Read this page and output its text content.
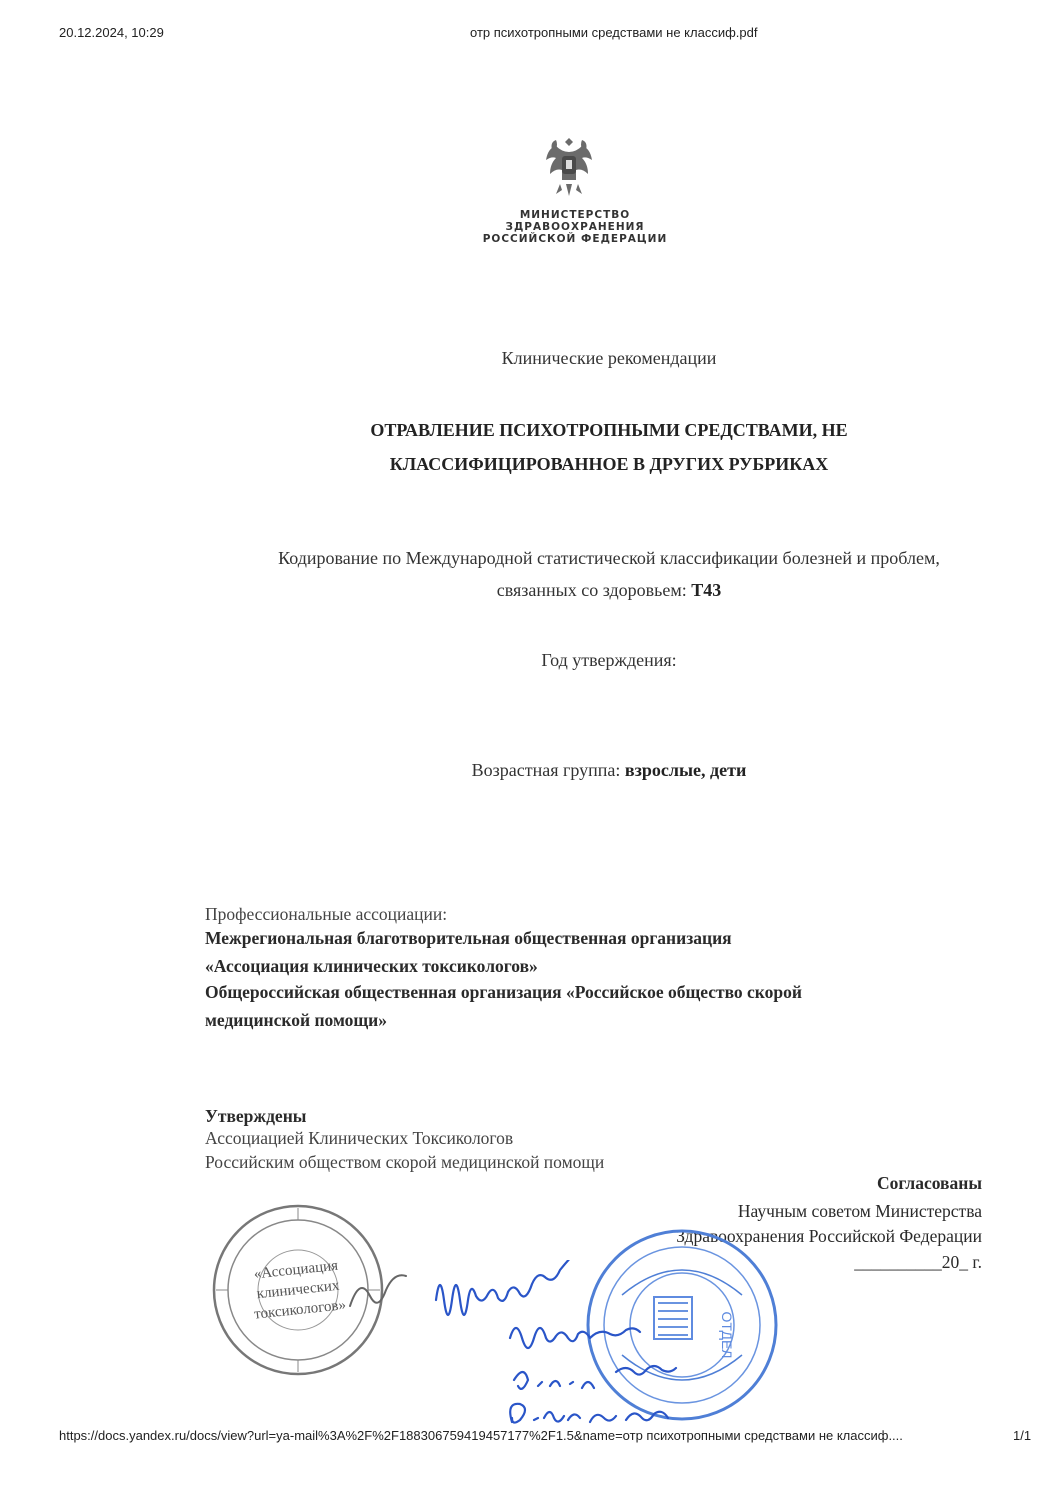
20.12.2024, 10:29	отр психотропными средствами не классиф.pdf
МИНИСТЕРСТВО
ЗДРАВООХРАНЕНИЯ
РОССИЙСКОЙ ФЕДЕРАЦИИ
Клинические рекомендации
ОТРАВЛЕНИЕ ПСИХОТРОПНЫМИ СРЕДСТВАМИ, НЕ
КЛАССИФИЦИРОВАННОЕ В ДРУГИХ РУБРИКАХ
Кодирование по Международной статистической классификации болезней и проблем,
связанных со здоровьем: T43
Год утверждения:
Возрастная группа: взрослые, дети
Профессиональные ассоциации:
Межрегиональная благотворительная общественная организация
«Ассоциация клинических токсикологов»
Общероссийская общественная организация «Российское общество скорой
медицинской помощи»
Утверждены
Ассоциацией Клинических Токсикологов
Российским обществом скорой медицинской помощи
Согласованы
Научным советом Министерства
Здравоохранения Российской Федерации
__________20_ г.
«Ассоциация
клинических
токсикологов»
ОТДЕЛ
https://docs.yandex.ru/docs/view?url=ya-mail%3A%2F%2F188306759419457177%2F1.5&name=отр психотропными средствами не классиф....	1/1
